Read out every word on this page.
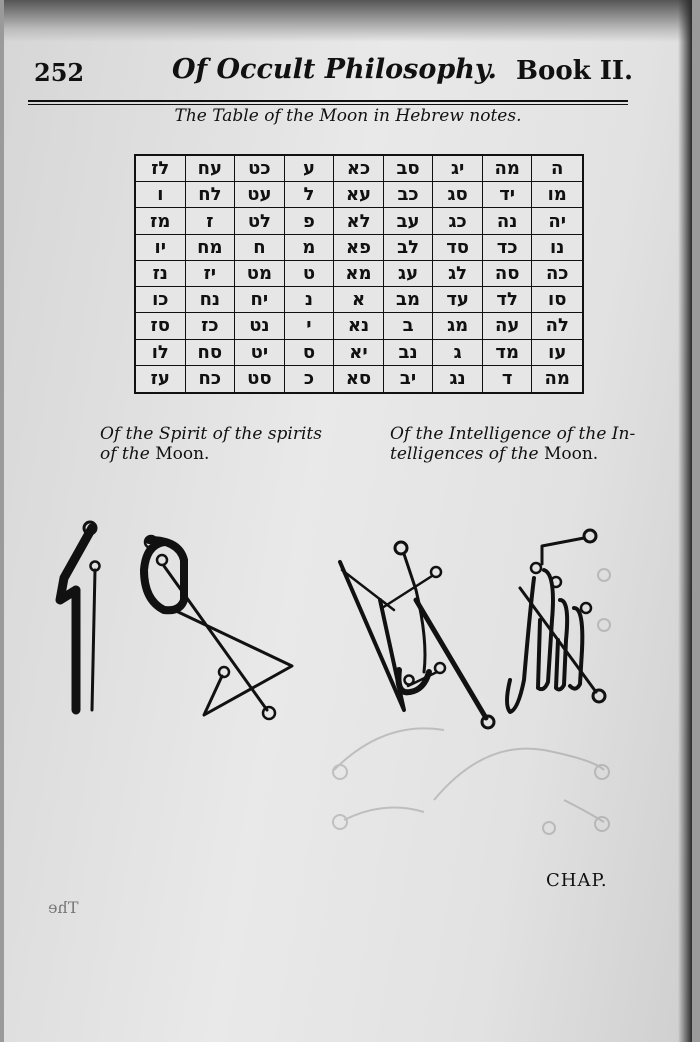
252	Of Occult Philosophy. Book II.
The Table of the Moon in Hebrew notes.
לז	עח	כט	ע	כא	סב	יג	מה	ה
ו	לח	עט	ל	עא	כב	סג	יד	מו
מז	ז	לט	פ	לא	עב	כג	נה	יה
יו	מח	ח	מ	פא	לב	סד	כד	נו
נז	יז	מט	ט	מא	עג	לג	סה	כה
כו	נח	יח	נ	א	מב	עד	לד	סו
סז	כז	נט	י	נא	ב	מג	עה	לה
לו	סח	יט	ס	יא	נב	ג	מד	עו
עז	כח	סט	כ	סא	יב	נג	ד	מה
Of the Spirit of the spirits
of the Moon.
Of the Intelligence of the In-
telligences of the Moon.
CHAP.
The
